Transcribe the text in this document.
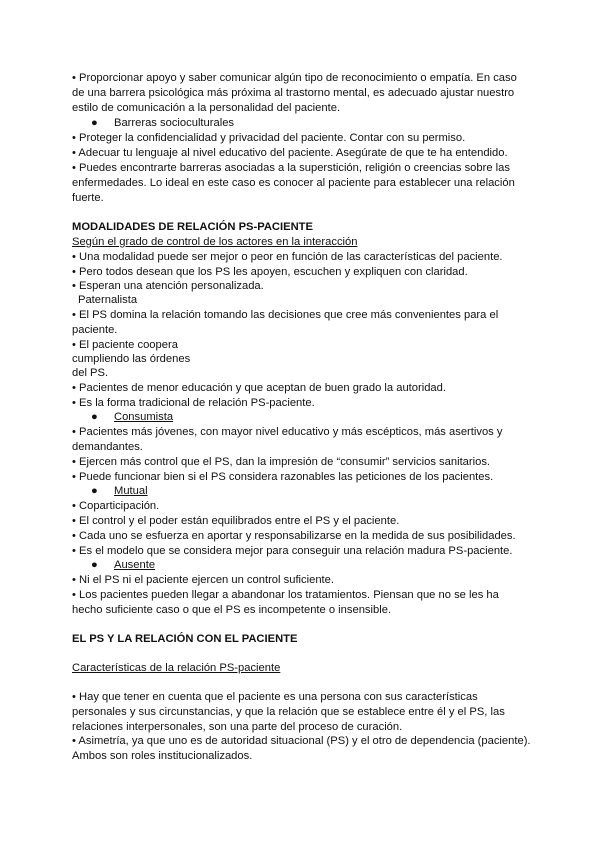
• Proporcionar apoyo y saber comunicar algún tipo de reconocimiento o empatía. En caso
de una barrera psicológica más próxima al trastorno mental, es adecuado ajustar nuestro
estilo de comunicación a la personalidad del paciente.
● Barreras socioculturales
• Proteger la confidencialidad y privacidad del paciente. Contar con su permiso.
• Adecuar tu lenguaje al nivel educativo del paciente. Asegúrate de que te ha entendido.
• Puedes encontrarte barreras asociadas a la superstición, religión o creencias sobre las
enfermedades. Lo ideal en este caso es conocer al paciente para establecer una relación
fuerte.
MODALIDADES DE RELACIÓN PS-PACIENTE
Según el grado de control de los actores en la interacción
• Una modalidad puede ser mejor o peor en función de las características del paciente.
• Pero todos desean que los PS les apoyen, escuchen y expliquen con claridad.
• Esperan una atención personalizada.
Paternalista
• El PS domina la relación tomando las decisiones que cree más convenientes para el
paciente.
• El paciente coopera
cumpliendo las órdenes
del PS.
• Pacientes de menor educación y que aceptan de buen grado la autoridad.
• Es la forma tradicional de relación PS-paciente.
● Consumista
• Pacientes más jóvenes, con mayor nivel educativo y más escépticos, más asertivos y
demandantes.
• Ejercen más control que el PS, dan la impresión de “consumir” servicios sanitarios.
• Puede funcionar bien si el PS considera razonables las peticiones de los pacientes.
● Mutual
• Coparticipación.
• El control y el poder están equilibrados entre el PS y el paciente.
• Cada uno se esfuerza en aportar y responsabilizarse en la medida de sus posibilidades.
• Es el modelo que se considera mejor para conseguir una relación madura PS-paciente.
● Ausente
• Ni el PS ni el paciente ejercen un control suficiente.
• Los pacientes pueden llegar a abandonar los tratamientos. Piensan que no se les ha
hecho suficiente caso o que el PS es incompetente o insensible.
EL PS Y LA RELACIÓN CON EL PACIENTE
Características de la relación PS-paciente
• Hay que tener en cuenta que el paciente es una persona con sus características
personales y sus circunstancias, y que la relación que se establece entre él y el PS, las
relaciones interpersonales, son una parte del proceso de curación.
• Asimetría, ya que uno es de autoridad situacional (PS) y el otro de dependencia (paciente).
Ambos son roles institucionalizados.
